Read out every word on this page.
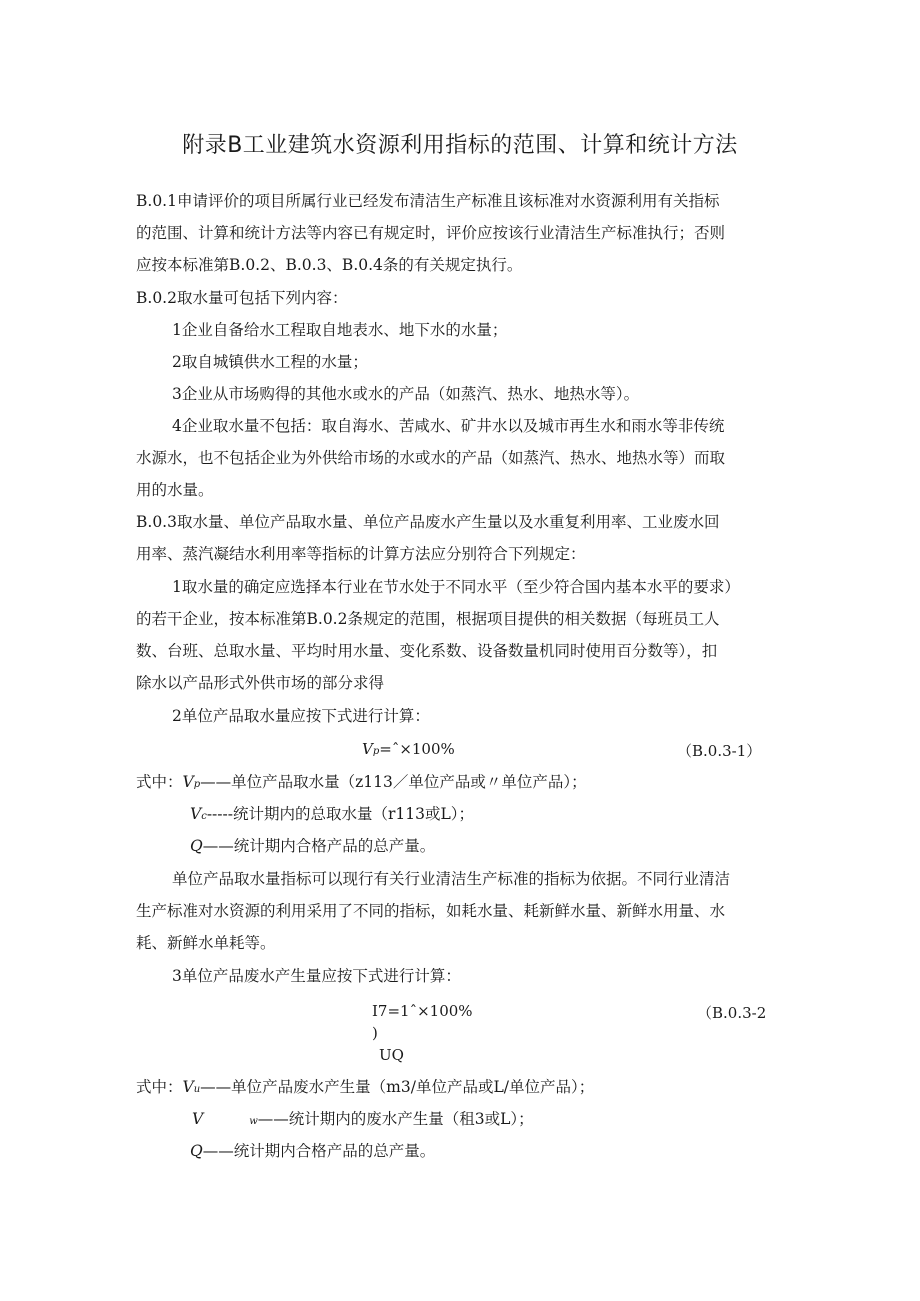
附录B工业建筑水资源利用指标的范围、计算和统计方法
B.0.1申请评价的项目所属行业已经发布清洁生产标准且该标准对水资源利用有关指标
的范围、计算和统计方法等内容已有规定时，评价应按该行业清洁生产标准执行；否则
应按本标准第B.0.2、B.0.3、B.0.4条的有关规定执行。
B.0.2取水量可包括下列内容：
1企业自备给水工程取自地表水、地下水的水量；
2取自城镇供水工程的水量；
3企业从市场购得的其他水或水的产品（如蒸汽、热水、地热水等）。
4企业取水量不包括：取自海水、苦咸水、矿井水以及城市再生水和雨水等非传统
水源水，也不包括企业为外供给市场的水或水的产品（如蒸汽、热水、地热水等）而取
用的水量。
B.0.3取水量、单位产品取水量、单位产品废水产生量以及水重复利用率、工业废水回
用率、蒸汽凝结水利用率等指标的计算方法应分别符合下列规定：
1取水量的确定应选择本行业在节水处于不同水平（至少符合国内基本水平的要求）
的若干企业，按本标准第B.0.2条规定的范围，根据项目提供的相关数据（每班员工人
数、台班、总取水量、平均时用水量、变化系数、设备数量机同时使用百分数等），扣
除水以产品形式外供市场的部分求得
2单位产品取水量应按下式进行计算：
Vp=ˆ×100%	（B.0.3-1）
式中：Vp——单位产品取水量（z113／单位产品或〃单位产品）；
Vc-----统计期内的总取水量（r113或L）；
Q——统计期内合格产品的总产量。
单位产品取水量指标可以现行有关行业清洁生产标准的指标为依据。不同行业清洁
生产标准对水资源的利用采用了不同的指标，如耗水量、耗新鲜水量、新鲜水用量、水
耗、新鲜水单耗等。
3单位产品废水产生量应按下式进行计算：
I7=1ˆ×100%
)
UQ
（B.0.3-2
式中：Vu——单位产品废水产生量（m3/单位产品或L/单位产品）；
V	w——统计期内的废水产生量（租3或L）；
Q——统计期内合格产品的总产量。
